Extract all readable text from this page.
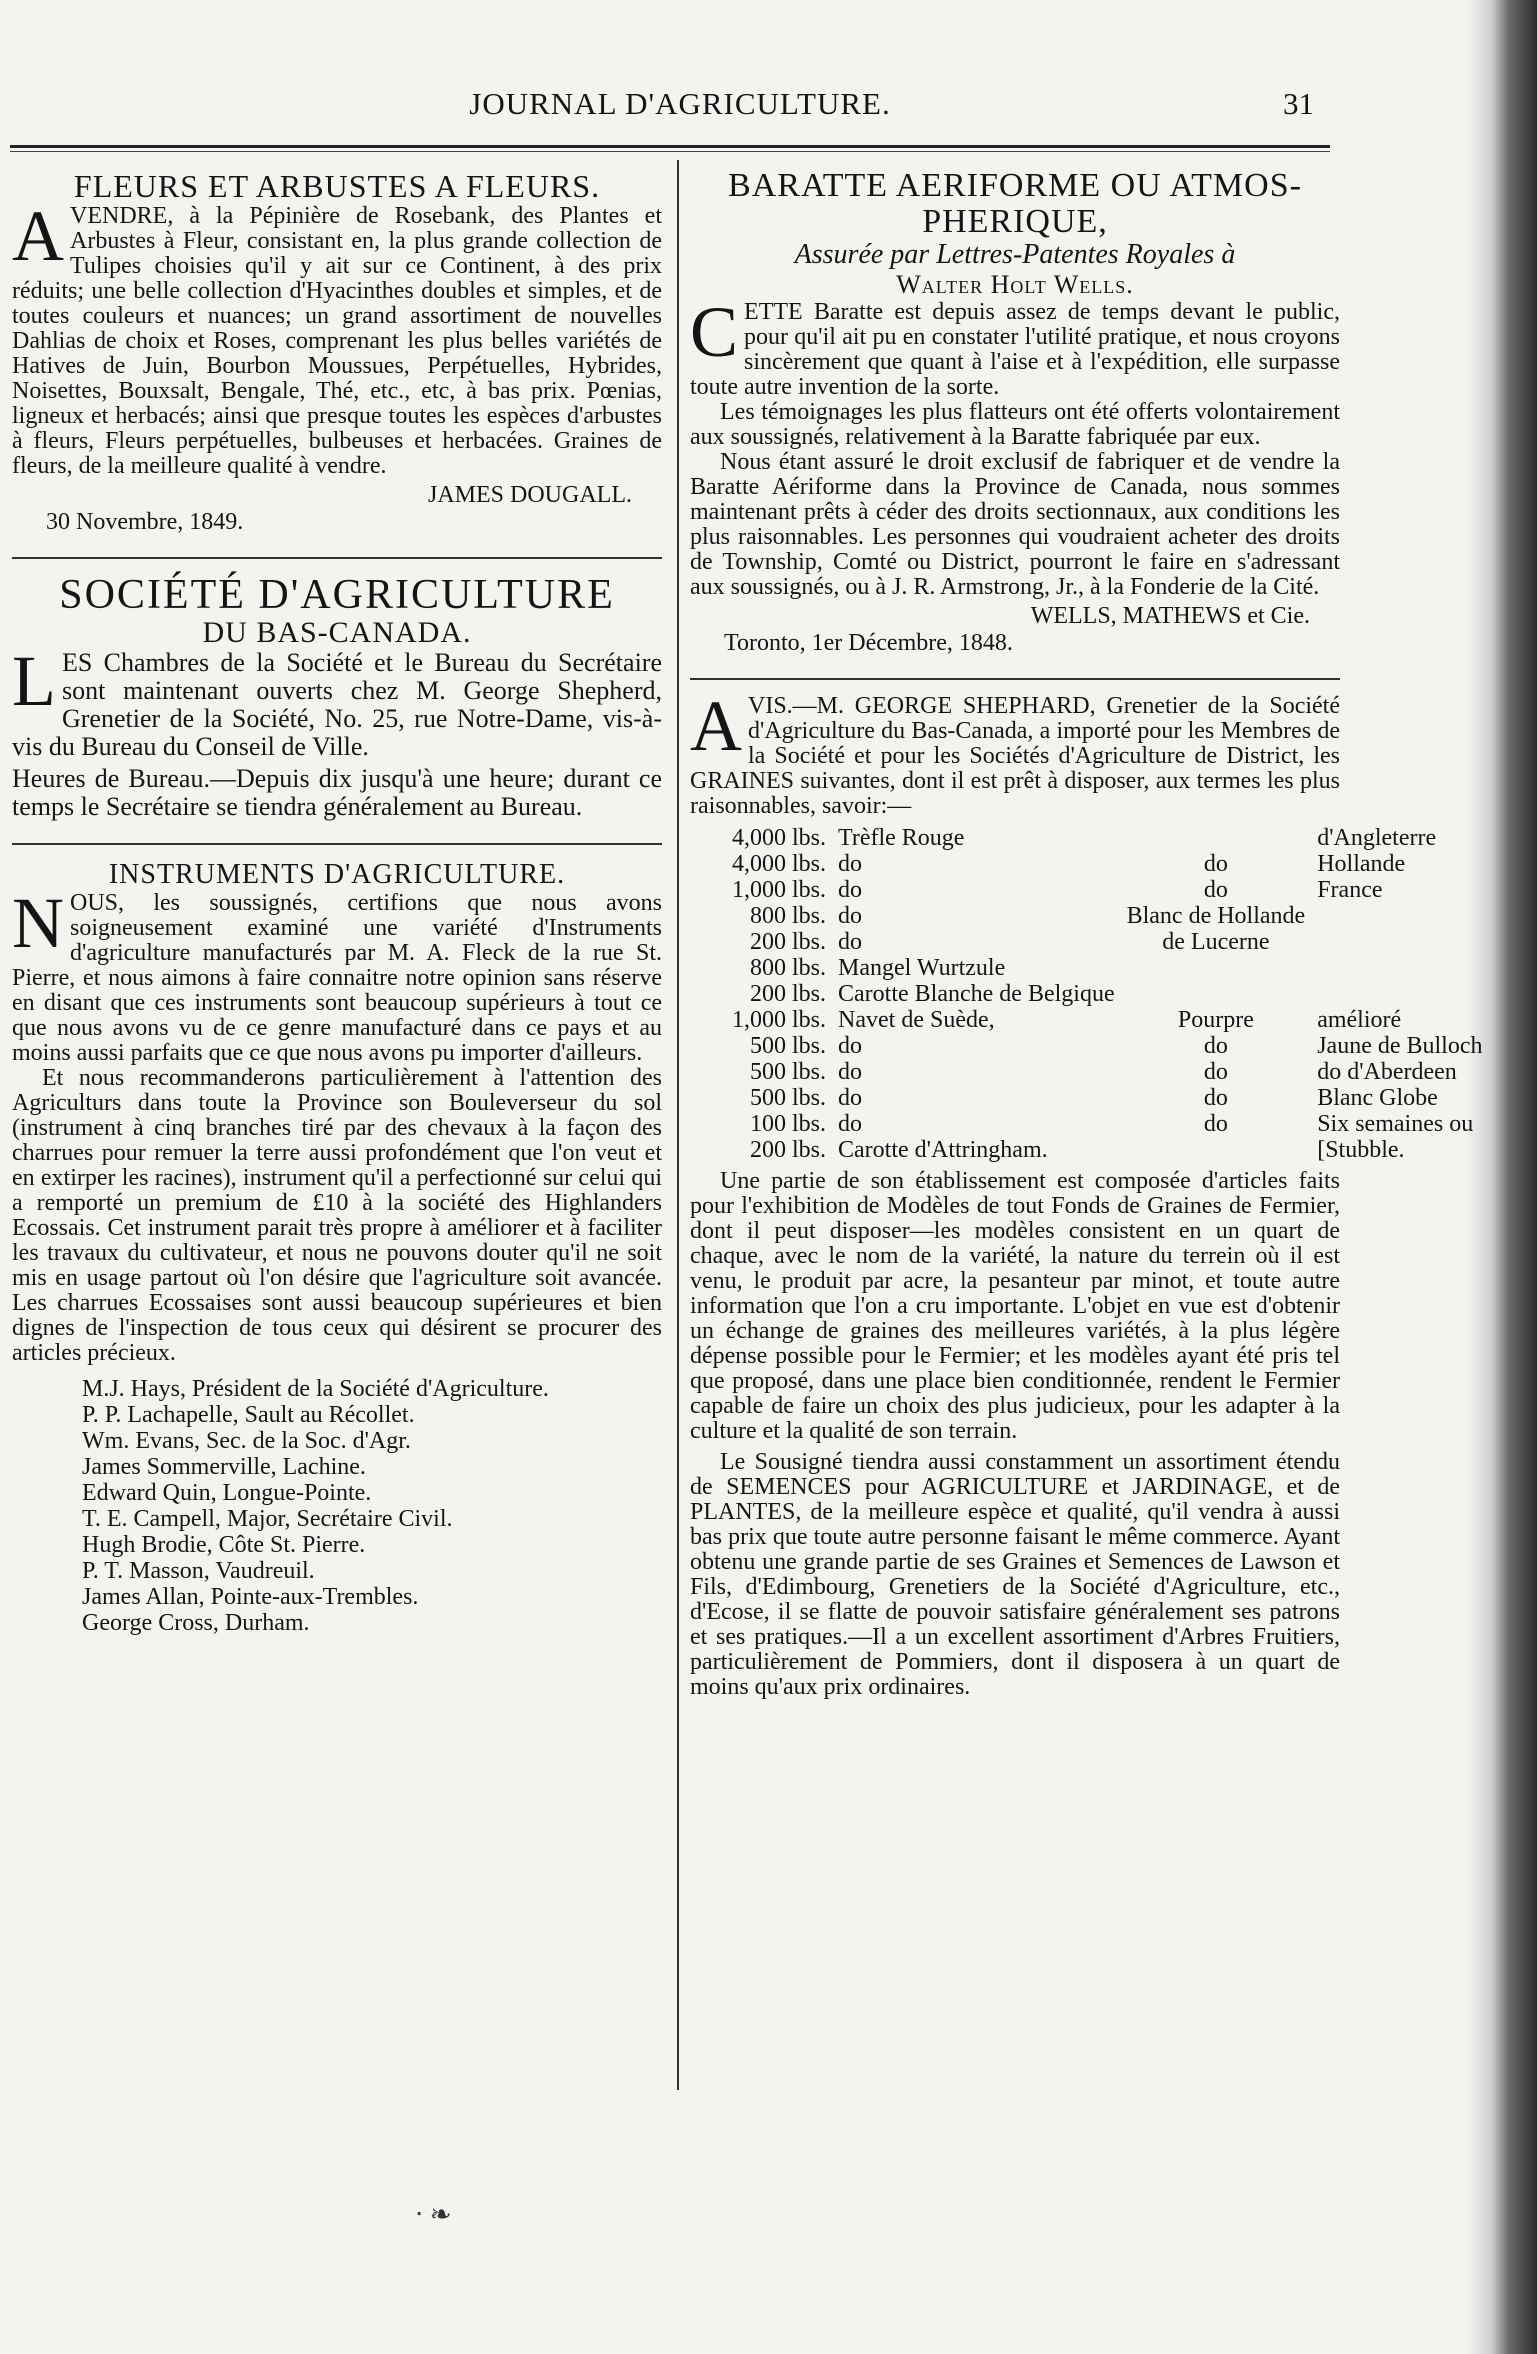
JOURNAL D'AGRICULTURE.	31
FLEURS ET ARBUSTES A FLEURS.

AVENDRE, à la Pépinière de Rosebank, des Plantes et Arbustes à Fleur, consistant en, la plus grande collection de Tulipes choisies qu'il y ait sur ce Continent, à des prix réduits; une belle collection d'Hyacinthes doubles et simples, et de toutes couleurs et nuances; un grand assortiment de nouvelles Dahlias de choix et Roses, comprenant les plus belles variétés de Hatives de Juin, Bourbon Moussues, Perpétuelles, Hybrides, Noisettes, Bouxsalt, Bengale, Thé, etc., etc, à bas prix. Pœnias, ligneux et herbacés; ainsi que presque toutes les espèces d'arbustes à fleurs, Fleurs perpétuelles, bulbeuses et herbacées. Graines de fleurs, de la meilleure qualité à vendre.

JAMES DOUGALL.
30 Novembre, 1849.
SOCIÉTÉ D'AGRICULTURE
DU BAS-CANADA.

LES Chambres de la Société et le Bureau du Secrétaire sont maintenant ouverts chez M. George Shepherd, Grenetier de la Société, No. 25, rue Notre-Dame, vis-à-vis du Bureau du Conseil de Ville.

Heures de Bureau.—Depuis dix jusqu'à une heure; durant ce temps le Secrétaire se tiendra généralement au Bureau.

INSTRUMENTS D'AGRICULTURE.

NOUS, les soussignés, certifions que nous avons soigneusement examiné une variété d'Instruments d'agriculture manufacturés par M. A. Fleck de la rue St. Pierre, et nous aimons à faire connaitre notre opinion sans réserve en disant que ces instruments sont beaucoup supérieurs à tout ce que nous avons vu de ce genre manufacturé dans ce pays et au moins aussi parfaits que ce que nous avons pu importer d'ailleurs.

Et nous recommanderons particulièrement à l'attention des Agriculturs dans toute la Province son Bouleverseur du sol (instrument à cinq branches tiré par des chevaux à la façon des charrues pour remuer la terre aussi profondément que l'on veut et en extirper les racines), instrument qu'il a perfectionné sur celui qui a remporté un premium de £10 à la société des Highlanders Ecossais. Cet instrument parait très propre à améliorer et à faciliter les travaux du cultivateur, et nous ne pouvons douter qu'il ne soit mis en usage partout où l'on désire que l'agriculture soit avancée. Les charrues Ecossaises sont aussi beaucoup supérieures et bien dignes de l'inspection de tous ceux qui désirent se procurer des articles précieux.

M.J. Hays, Président de la Société d'Agriculture.
P. P. Lachapelle, Sault au Récollet.
Wm. Evans, Sec. de la Soc. d'Agr.
James Sommerville, Lachine.
Edward Quin, Longue-Pointe.
T. E. Campell, Major, Secrétaire Civil.
Hugh Brodie, Côte St. Pierre.
P. T. Masson, Vaudreuil.
James Allan, Pointe-aux-Trembles.
George Cross, Durham.
BARATTE AERIFORME OU ATMOS-
PHERIQUE,
Assurée par Lettres-Patentes Royales à
Walter Holt Wells.

CETTE Baratte est depuis assez de temps devant le public, pour qu'il ait pu en constater l'utilité pratique, et nous croyons sincèrement que quant à l'aise et à l'expédition, elle surpasse toute autre invention de la sorte.

Les témoignages les plus flatteurs ont été offerts volontairement aux soussignés, relativement à la Baratte fabriquée par eux.

Nous étant assuré le droit exclusif de fabriquer et de vendre la Baratte Aériforme dans la Province de Canada, nous sommes maintenant prêts à céder des droits sectionnaux, aux conditions les plus raisonnables. Les personnes qui voudraient acheter des droits de Township, Comté ou District, pourront le faire en s'adressant aux soussignés, ou à J. R. Armstrong, Jr., à la Fonderie de la Cité.

WELLS, MATHEWS et Cie.
Toronto, 1er Décembre, 1848.

AVIS.—M. GEORGE SHEPHARD, Grenetier de la Société d'Agriculture du Bas-Canada, a importé pour les Membres de la Société et pour les Sociétés d'Agriculture de District, les GRAINES suivantes, dont il est prêt à disposer, aux termes les plus raisonnables, savoir:—

4,000 lbs.	Trèfle Rouge		d'Angleterre
4,000 lbs.	do	do	Hollande
1,000 lbs.	do	do	France
800 lbs.	do	Blanc de Hollande	
200 lbs.	do	de Lucerne	
800 lbs.	Mangel Wurtzule		
200 lbs.	Carotte Blanche de Belgique		
1,000 lbs.	Navet de Suède,	Pourpre	amélioré
500 lbs.	do	do	Jaune de Bulloch
500 lbs.	do	do	do d'Aberdeen
500 lbs.	do	do	Blanc Globe
100 lbs.	do	do	Six semaines ou
200 lbs.	Carotte d'Attringham.		[Stubble.

Une partie de son établissement est composée d'articles faits pour l'exhibition de Modèles de tout Fonds de Graines de Fermier, dont il peut disposer—les modèles consistent en un quart de chaque, avec le nom de la variété, la nature du terrein où il est venu, le produit par acre, la pesanteur par minot, et toute autre information que l'on a cru importante. L'objet en vue est d'obtenir un échange de graines des meilleures variétés, à la plus légère dépense possible pour le Fermier; et les modèles ayant été pris tel que proposé, dans une place bien conditionnée, rendent le Fermier capable de faire un choix des plus judicieux, pour les adapter à la culture et la qualité de son terrain.

Le Sousigné tiendra aussi constamment un assortiment étendu de SEMENCES pour AGRICULTURE et JARDINAGE, et de PLANTES, de la meilleure espèce et qualité, qu'il vendra à aussi bas prix que toute autre personne faisant le même commerce. Ayant obtenu une grande partie de ses Graines et Semences de Lawson et Fils, d'Edimbourg, Grenetiers de la Société d'Agriculture, etc., d'Ecose, il se flatte de pouvoir satisfaire généralement ses patrons et ses pratiques.—Il a un excellent assortiment d'Arbres Fruitiers, particulièrement de Pommiers, dont il disposera à un quart de moins qu'aux prix ordinaires.

‧ ❧
